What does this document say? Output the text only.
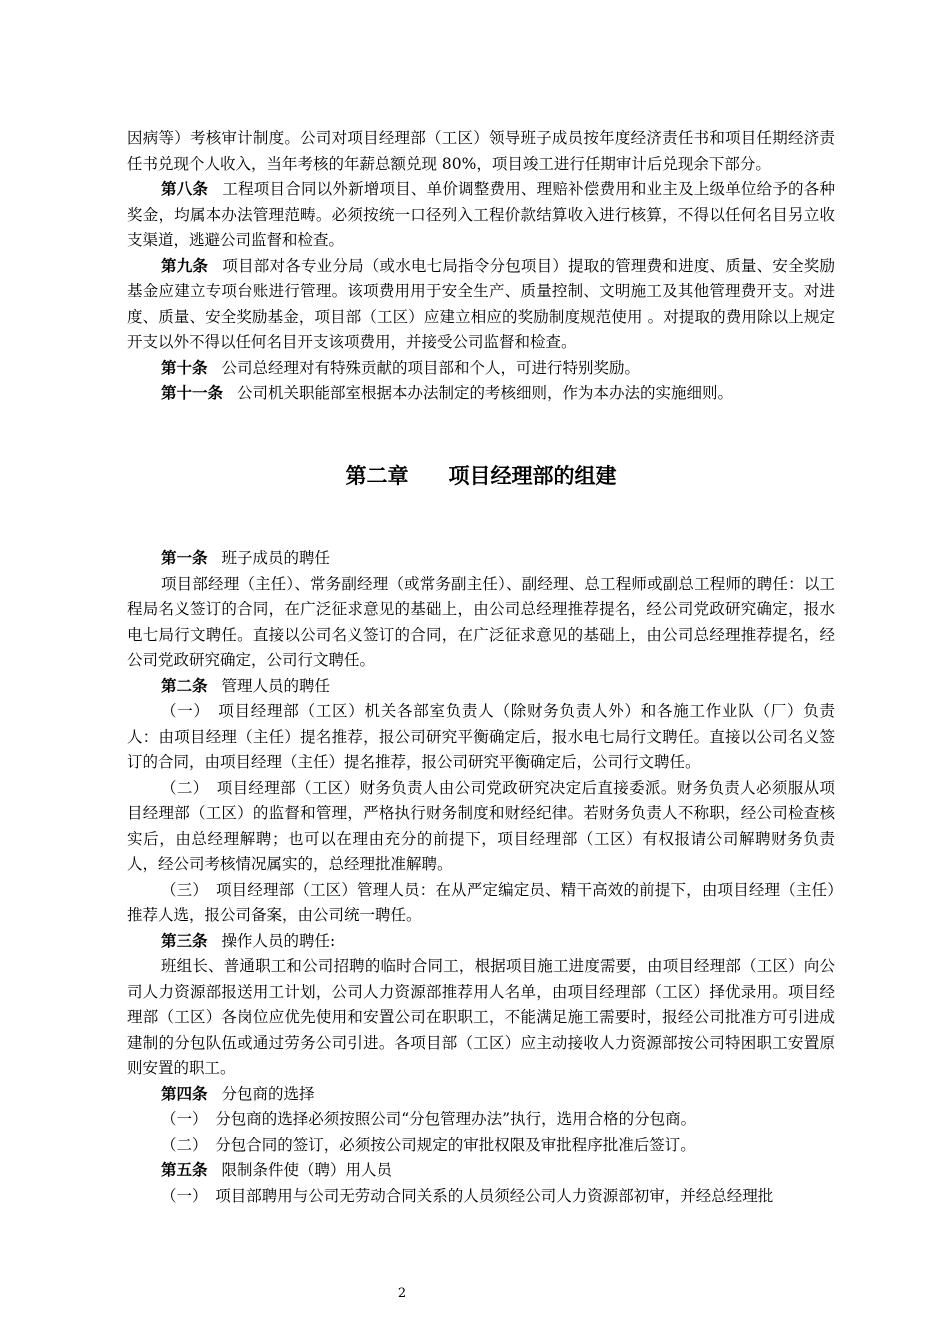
因病等）考核审计制度。公司对项目经理部（工区）领导班子成员按年度经济责任书和项目任期经济责任书兑现个人收入，当年考核的年薪总额兑现 80%，项目竣工进行任期审计后兑现余下部分。

第八条 工程项目合同以外新增项目、单价调整费用、理赔补偿费用和业主及上级单位给予的各种奖金，均属本办法管理范畴。必须按统一口径列入工程价款结算收入进行核算，不得以任何名目另立收支渠道，逃避公司监督和检查。

第九条 项目部对各专业分局（或水电七局指令分包项目）提取的管理费和进度、质量、安全奖励基金应建立专项台账进行管理。该项费用用于安全生产、质量控制、文明施工及其他管理费开支。对进度、质量、安全奖励基金，项目部（工区）应建立相应的奖励制度规范使用 。对提取的费用除以上规定开支以外不得以任何名目开支该项费用，并接受公司监督和检查。

第十条 公司总经理对有特殊贡献的项目部和个人，可进行特别奖励。

第十一条 公司机关职能部室根据本办法制定的考核细则，作为本办法的实施细则。

第二章 项目经理部的组建

第一条 班子成员的聘任

项目部经理（主任）、常务副经理（或常务副主任）、副经理、总工程师或副总工程师的聘任：以工程局名义签订的合同，在广泛征求意见的基础上，由公司总经理推荐提名，经公司党政研究确定，报水电七局行文聘任。直接以公司名义签订的合同，在广泛征求意见的基础上，由公司总经理推荐提名，经公司党政研究确定，公司行文聘任。

第二条 管理人员的聘任

（一）　项目经理部（工区）机关各部室负责人（除财务负责人外）和各施工作业队（厂）负责人：由项目经理（主任）提名推荐，报公司研究平衡确定后，报水电七局行文聘任。直接以公司名义签订的合同，由项目经理（主任）提名推荐，报公司研究平衡确定后，公司行文聘任。

（二）　项目经理部（工区）财务负责人由公司党政研究决定后直接委派。财务负责人必须服从项目经理部（工区）的监督和管理，严格执行财务制度和财经纪律。若财务负责人不称职，经公司检查核实后，由总经理解聘；也可以在理由充分的前提下，项目经理部（工区）有权报请公司解聘财务负责人，经公司考核情况属实的，总经理批准解聘。

（三）　项目经理部（工区）管理人员：在从严定编定员、精干高效的前提下，由项目经理（主任）推荐人选，报公司备案，由公司统一聘任。

第三条 操作人员的聘任:

班组长、普通职工和公司招聘的临时合同工，根据项目施工进度需要，由项目经理部（工区）向公司人力资源部报送用工计划，公司人力资源部推荐用人名单，由项目经理部（工区）择优录用。项目经理部（工区）各岗位应优先使用和安置公司在职职工，不能满足施工需要时，报经公司批准方可引进成建制的分包队伍或通过劳务公司引进。各项目部（工区）应主动接收人力资源部按公司特困职工安置原则安置的职工。

第四条 分包商的选择

（一）　分包商的选择必须按照公司“分包管理办法”执行，选用合格的分包商。

（二）　分包合同的签订，必须按公司规定的审批权限及审批程序批准后签订。

第五条 限制条件使（聘）用人员

（一）　项目部聘用与公司无劳动合同关系的人员须经公司人力资源部初审，并经总经理批

2
